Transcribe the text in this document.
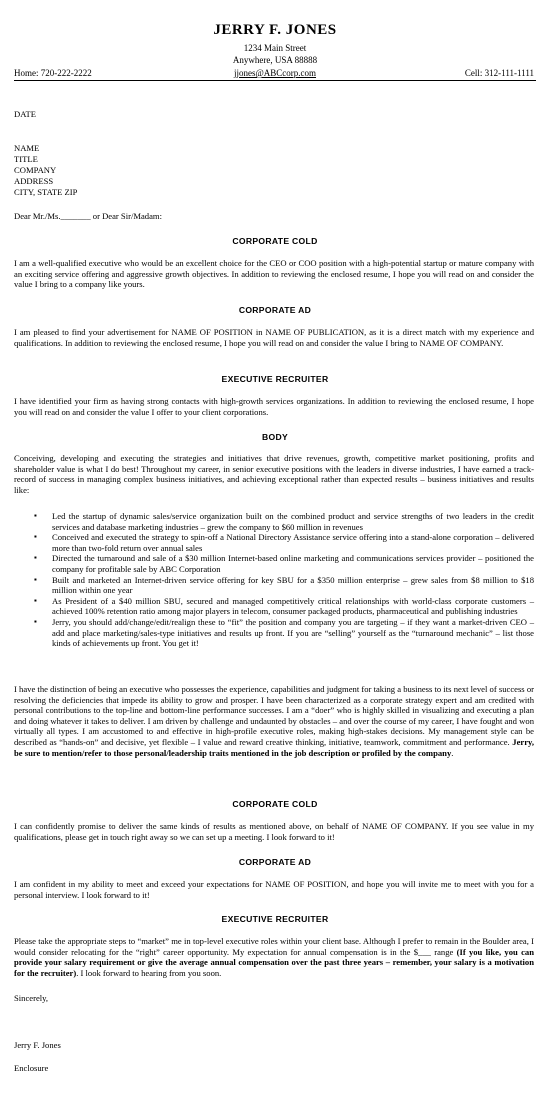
JERRY F. JONES
1234 Main Street
Anywhere, USA 88888
Home: 720-222-2222	jjones@ABCcorp.com	Cell: 312-111-1111
DATE
NAME
TITLE
COMPANY
ADDRESS
CITY, STATE ZIP
Dear Mr./Ms._______ or Dear Sir/Madam:
CORPORATE COLD
I am a well-qualified executive who would be an excellent choice for the CEO or COO position with a high-potential startup or mature company with an exciting service offering and aggressive growth objectives. In addition to reviewing the enclosed resume, I hope you will read on and consider the value I bring to a company like yours.
CORPORATE AD
I am pleased to find your advertisement for NAME OF POSITION in NAME OF PUBLICATION, as it is a direct match with my experience and qualifications. In addition to reviewing the enclosed resume, I hope you will read on and consider the value I bring to NAME OF COMPANY.
EXECUTIVE RECRUITER
I have identified your firm as having strong contacts with high-growth services organizations. In addition to reviewing the enclosed resume, I hope you will read on and consider the value I offer to your client corporations.
BODY
Conceiving, developing and executing the strategies and initiatives that drive revenues, growth, competitive market positioning, profits and shareholder value is what I do best! Throughout my career, in senior executive positions with the leaders in diverse industries, I have earned a track-record of success in managing complex business initiatives, and achieving exceptional rather than expected results – business initiatives and results like:
▪ Led the startup of dynamic sales/service organization built on the combined product and service strengths of two leaders in the credit services and database marketing industries – grew the company to $60 million in revenues
▪ Conceived and executed the strategy to spin-off a National Directory Assistance service offering into a stand-alone corporation – delivered more than two-fold return over annual sales
▪ Directed the turnaround and sale of a $30 million Internet-based online marketing and communications services provider – positioned the company for profitable sale by ABC Corporation
▪ Built and marketed an Internet-driven service offering for key SBU for a $350 million enterprise – grew sales from $8 million to $18 million within one year
▪ As President of a $40 million SBU, secured and managed competitively critical relationships with world-class corporate customers – achieved 100% retention ratio among major players in telecom, consumer packaged products, pharmaceutical and publishing industries
▪ Jerry, you should add/change/edit/realign these to “fit” the position and company you are targeting – if they want a market-driven CEO – add and place marketing/sales-type initiatives and results up front. If you are “selling” yourself as the “turnaround mechanic” – list those kinds of achievements up front. You get it!
I have the distinction of being an executive who possesses the experience, capabilities and judgment for taking a business to its next level of success or resolving the deficiencies that impede its ability to grow and prosper. I have been characterized as a corporate strategy expert and am credited with personal contributions to the top-line and bottom-line performance successes. I am a “doer” who is highly skilled in visualizing and executing a plan and doing whatever it takes to deliver. I am driven by challenge and undaunted by obstacles – and over the course of my career, I have fought and won virtually all types. I am accustomed to and effective in high-profile executive roles, making high-stakes decisions. My management style can be described as “hands-on” and decisive, yet flexible – I value and reward creative thinking, initiative, teamwork, commitment and performance. Jerry, be sure to mention/refer to those personal/leadership traits mentioned in the job description or profiled by the company.
CORPORATE COLD
I can confidently promise to deliver the same kinds of results as mentioned above, on behalf of NAME OF COMPANY. If you see value in my qualifications, please get in touch right away so we can set up a meeting. I look forward to it!
CORPORATE AD
I am confident in my ability to meet and exceed your expectations for NAME OF POSITION, and hope you will invite me to meet with you for a personal interview. I look forward to it!
EXECUTIVE RECRUITER
Please take the appropriate steps to “market” me in top-level executive roles within your client base. Although I prefer to remain in the Boulder area, I would consider relocating for the “right” career opportunity. My expectation for annual compensation is in the $___ range (If you like, you can provide your salary requirement or give the average annual compensation over the past three years – remember, your salary is a motivation for the recruiter). I look forward to hearing from you soon.
Sincerely,
Jerry F. Jones
Enclosure
